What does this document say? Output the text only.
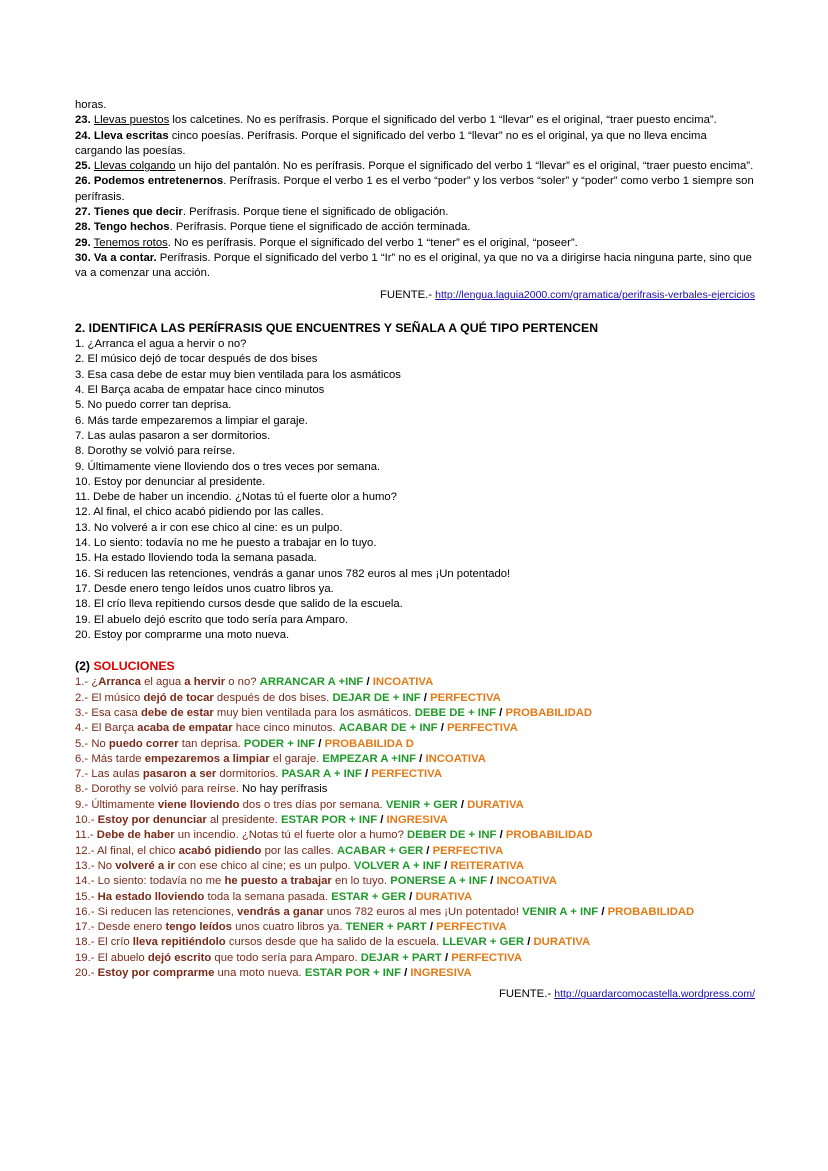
horas.

23. Llevas puestos los calcetines. No es perífrasis. Porque el significado del verbo 1 “llevar” es el original, “traer puesto encima”.

24. Lleva escritas cinco poesías. Perífrasis. Porque el significado del verbo 1 “llevar” no es el original, ya que no lleva encima cargando las poesías.

25. Llevas colgando un hijo del pantalón. No es perífrasis. Porque el significado del verbo 1 “llevar” es el original, “traer puesto encima”.

26. Podemos entretenernos. Perífrasis. Porque el verbo 1 es el verbo “poder” y los verbos “soler” y “poder” como verbo 1 siempre son perífrasis.

27. Tienes que decir. Perífrasis. Porque tiene el significado de obligación.

28. Tengo hechos. Perífrasis. Porque tiene el significado de acción terminada.

29. Tenemos rotos. No es perífrasis. Porque el significado del verbo 1 “tener” es el original, “poseer”.

30. Va a contar. Perífrasis. Porque el significado del verbo 1 “Ir” no es el original, ya que no va a dirigirse hacia ninguna parte, sino que va a comenzar una acción.

FUENTE.- http://lengua.laguia2000.com/gramatica/perifrasis-verbales-ejercicios

2. IDENTIFICA LAS PERÍFRASIS QUE ENCUENTRES Y SEÑALA A QUÉ TIPO PERTENCEN

1. ¿Arranca el agua a hervir o no?

2. El músico dejó de tocar después de dos bises

3. Esa casa debe de estar muy bien ventilada para los asmáticos

4. El Barça acaba de empatar hace cinco minutos

5. No puedo correr tan deprisa.

6. Más tarde empezaremos a limpiar el garaje.

7. Las aulas pasaron a ser dormitorios.

8. Dorothy se volvió para reírse.

9. Últimamente viene lloviendo dos o tres veces por semana.

10. Estoy por denunciar al presidente.

11. Debe de haber un incendio. ¿Notas tú el fuerte olor a humo?

12. Al final, el chico acabó pidiendo por las calles.

13. No volveré a ir con ese chico al cine: es un pulpo.

14. Lo siento: todavía no me he puesto a trabajar en lo tuyo.

15. Ha estado lloviendo toda la semana pasada.

16. Si reducen las retenciones, vendrás a ganar unos 782 euros al mes ¡Un potentado!

17. Desde enero tengo leídos unos cuatro libros ya.

18. El crío lleva repitiendo cursos desde que salido de la escuela.

19. El abuelo dejó escrito que todo sería para Amparo.

20. Estoy por comprarme una moto nueva.

(2) SOLUCIONES

1.- ¿Arranca el agua a hervir o no? ARRANCAR A +INF / INCOATIVA

2.- El músico dejó de tocar después de dos bises. DEJAR DE + INF / PERFECTIVA

3.- Esa casa debe de estar muy bien ventilada para los asmáticos. DEBE DE + INF / PROBABILIDAD

4.- El Barça acaba de empatar hace cinco minutos. ACABAR DE + INF / PERFECTIVA

5.- No puedo correr tan deprisa. PODER + INF / PROBABILIDA D

6.- Más tarde empezaremos a limpiar el garaje. EMPEZAR A +INF / INCOATIVA

7.- Las aulas pasaron a ser dormitorios. PASAR A + INF / PERFECTIVA

8.- Dorothy se volvió para reírse. No hay perífrasis

9.- Últimamente viene lloviendo dos o tres días por semana. VENIR + GER / DURATIVA

10.- Estoy por denunciar al presidente. ESTAR POR + INF / INGRESIVA

11.- Debe de haber un incendio. ¿Notas tú el fuerte olor a humo? DEBER DE + INF / PROBABILIDAD

12.- Al final, el chico acabó pidiendo por las calles. ACABAR + GER / PERFECTIVA

13.- No volveré a ir con ese chico al cine; es un pulpo. VOLVER A + INF / REITERATIVA

14.- Lo siento: todavía no me he puesto a trabajar en lo tuyo. PONERSE A + INF / INCOATIVA

15.- Ha estado lloviendo toda la semana pasada. ESTAR + GER / DURATIVA

16.- Si reducen las retenciones, vendrás a ganar unos 782 euros al mes ¡Un potentado! VENIR A + INF / PROBABILIDAD

17.- Desde enero tengo leídos unos cuatro libros ya. TENER + PART / PERFECTIVA

18.- El crío lleva repitiéndolo cursos desde que ha salido de la escuela. LLEVAR + GER / DURATIVA

19.- El abuelo dejó escrito que todo sería para Amparo. DEJAR + PART / PERFECTIVA

20.- Estoy por comprarme una moto nueva. ESTAR POR + INF / INGRESIVA

FUENTE.- http://guardarcomocastella.wordpress.com/
